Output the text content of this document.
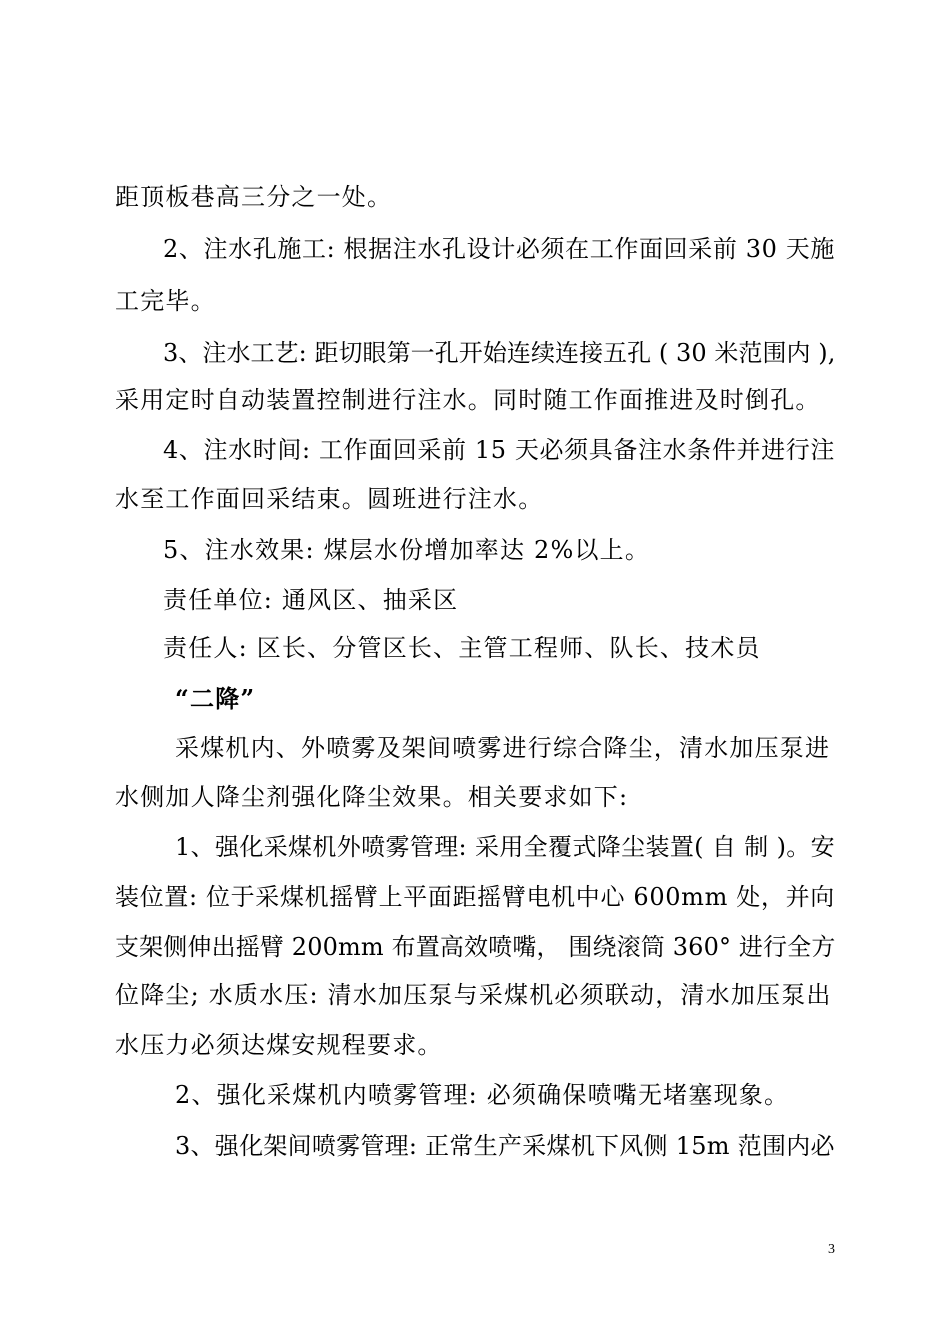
距顶板巷高三分之一处。
2、注水孔施工: 根据注水孔设计必须在工作面回采前 30 天施
工完毕。
3、注水工艺: 距切眼第一孔开始连续连接五孔 ( 30 米范围内 ),
采用定时自动装置控制进行注水。同时随工作面推进及时倒孔。
4、注水时间: 工作面回采前 15 天必须具备注水条件并进行注
水至工作面回采结束。圆班进行注水。
5、注水效果: 煤层水份增加率达 2%以上。
责任单位: 通风区、抽采区
责任人: 区长、分管区长、主管工程师、队长、技术员
“二降”
采煤机内、外喷雾及架间喷雾进行综合降尘，清水加压泵进
水侧加人降尘剂强化降尘效果。相关要求如下:
1、强化采煤机外喷雾管理: 采用全覆式降尘装置( 自 制 )。安
装位置: 位于采煤机摇臂上平面距摇臂电机中心 600mm 处，并向
支架侧伸出摇臂 200mm 布置高效喷嘴， 围绕滚筒 360° 进行全方
位降尘; 水质水压: 清水加压泵与采煤机必须联动，清水加压泵出
水压力必须达煤安规程要求。
2、强化采煤机内喷雾管理: 必须确保喷嘴无堵塞现象。
3、强化架间喷雾管理: 正常生产采煤机下风侧 15m 范围内必
3
